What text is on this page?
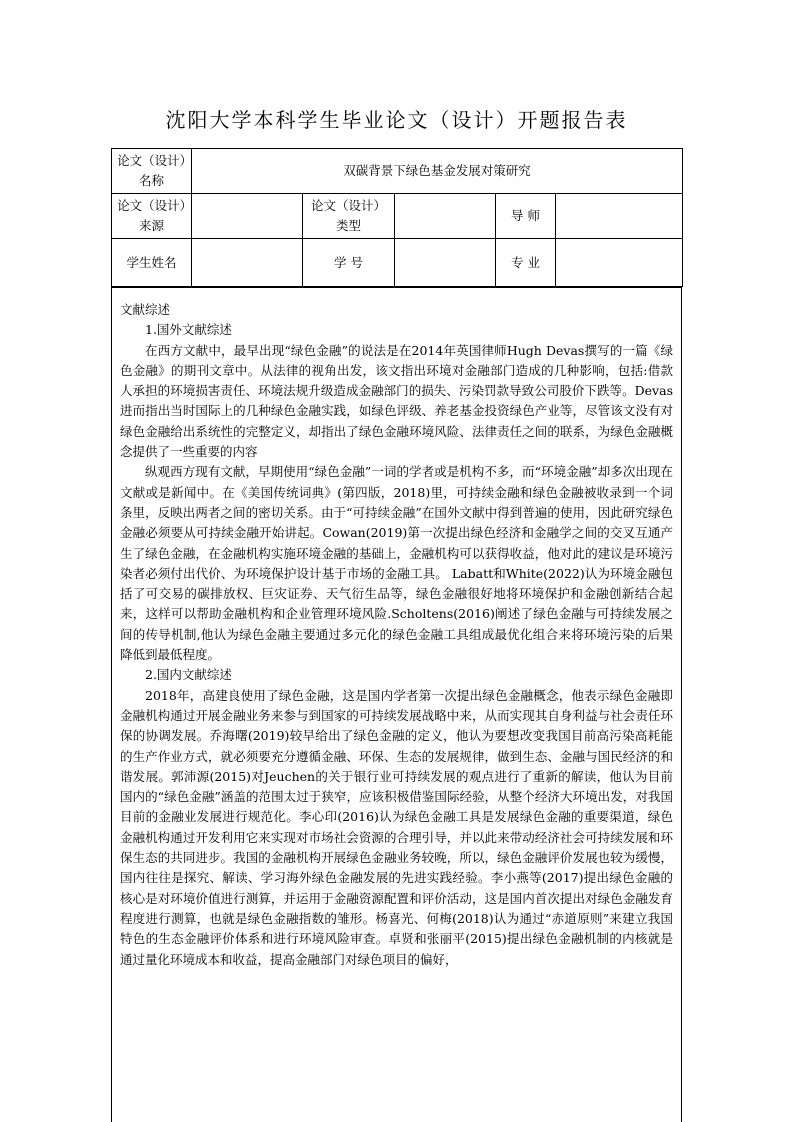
沈阳大学本科学生毕业论文（设计）开题报告表
论文（设计）名称	双碳背景下绿色基金发展对策研究				
论文（设计）来源		论文（设计）类型		导 师	
学生姓名		学 号		专 业	

文献综述

1.国外文献综述

在西方文献中，最早出现“绿色金融”的说法是在2014年英国律师Hugh Devas撰写的一篇《绿色金融》的期刊文章中。从法律的视角出发，该文指出环境对金融部门造成的几种影响，包括:借款人承担的环境损害责任、环境法规升级造成金融部门的损失、污染罚款导致公司股价下跌等。Devas进而指出当时国际上的几种绿色金融实践，如绿色评级、养老基金投资绿色产业等，尽管该文没有对绿色金融给出系统性的完整定义，却指出了绿色金融环境风险、法律责任之间的联系，为绿色金融概念提供了一些重要的内容

纵观西方现有文献，早期使用“绿色金融”一词的学者或是机构不多，而“环境金融”却多次出现在文献或是新闻中。在《美国传统词典》(第四版，2018)里，可持续金融和绿色金融被收录到一个词条里，反映出两者之间的密切关系。由于“可持续金融”在国外文献中得到普遍的使用，因此研究绿色金融必须要从可持续金融开始讲起。Cowan(2019)第一次提出绿色经济和金融学之间的交叉互通产生了绿色金融，在金融机构实施环境金融的基础上，金融机构可以获得收益，他对此的建议是环境污染者必须付出代价、为环境保护设计基于市场的金融工具。 Labatt和White(2022)认为环境金融包括了可交易的碳排放权、巨灾证券、天气衍生品等，绿色金融很好地将环境保护和金融创新结合起来，这样可以帮助金融机构和企业管理环境风险.Scholtens(2016)阐述了绿色金融与可持续发展之间的传导机制,他认为绿色金融主要通过多元化的绿色金融工具组成最优化组合来将环境污染的后果降低到最低程度。

2.国内文献综述

2018年，高建良使用了绿色金融，这是国内学者第一次提出绿色金融概念，他表示绿色金融即金融机构通过开展金融业务来参与到国家的可持续发展战略中来，从而实现其自身利益与社会责任环保的协调发展。乔海曙(2019)较早给出了绿色金融的定义，他认为要想改变我国目前高污染高耗能的生产作业方式，就必须要充分遵循金融、环保、生态的发展规律，做到生态、金融与国民经济的和谐发展。郭沛源(2015)对Jeuchen的关于银行业可持续发展的观点进行了重新的解读，他认为目前国内的“绿色金融”涵盖的范围太过于狭窄，应该积极借鉴国际经验，从整个经济大环境出发，对我国目前的金融业发展进行规范化。李心印(2016)认为绿色金融工具是发展绿色金融的重要渠道，绿色金融机构通过开发利用它来实现对市场社会资源的合理引导，并以此来带动经济社会可持续发展和环保生态的共同进步。我国的金融机构开展绿色金融业务较晚，所以，绿色金融评价发展也较为缓慢，国内往往是探究、解读、学习海外绿色金融发展的先进实践经验。李小燕等(2017)提出绿色金融的核心是对环境价值进行测算，并运用于金融资源配置和评价活动，这是国内首次提出对绿色金融发育程度进行测算，也就是绿色金融指数的雏形。杨喜光、何梅(2018)认为通过“赤道原则”来建立我国特色的生态金融评价体系和进行环境风险审查。卓贤和张丽平(2015)提出绿色金融机制的内核就是通过量化环境成本和收益，提高金融部门对绿色项目的偏好，
